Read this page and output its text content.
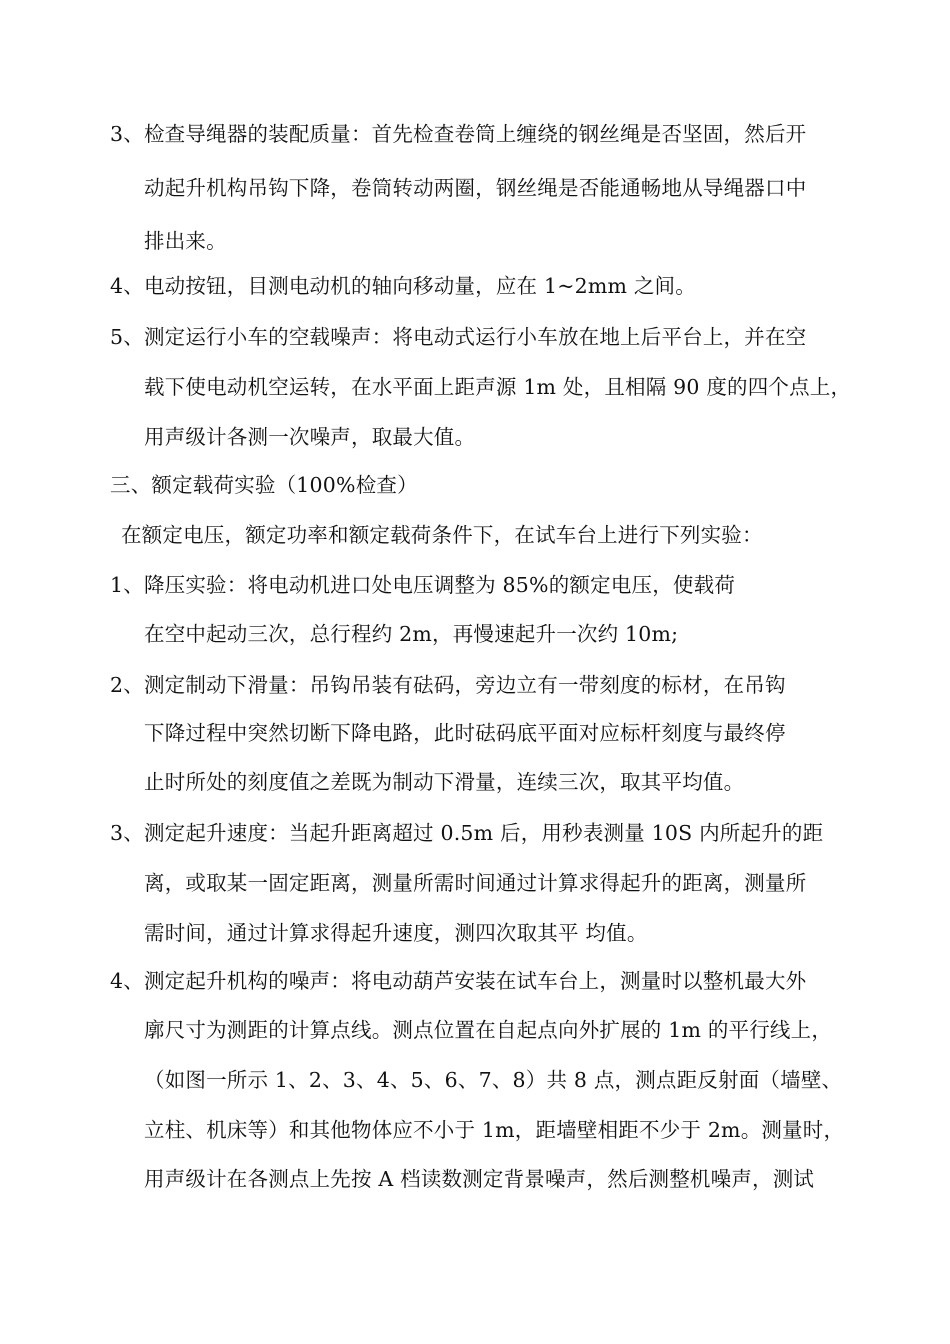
3、检查导绳器的装配质量：首先检查卷筒上缠绕的钢丝绳是否坚固，然后开
动起升机构吊钩下降，卷筒转动两圈，钢丝绳是否能通畅地从导绳器口中
排出来。
4、电动按钮，目测电动机的轴向移动量，应在 1~2mm 之间。
5、测定运行小车的空载噪声：将电动式运行小车放在地上后平台上，并在空
载下使电动机空运转，在水平面上距声源 1m 处，且相隔 90 度的四个点上，
用声级计各测一次噪声，取最大值。
三、额定载荷实验（100%检查）
在额定电压，额定功率和额定载荷条件下，在试车台上进行下列实验：
1、降压实验：将电动机进口处电压调整为 85%的额定电压，使载荷
在空中起动三次，总行程约 2m，再慢速起升一次约 10m;
2、测定制动下滑量：吊钩吊装有砝码，旁边立有一带刻度的标材，在吊钩
下降过程中突然切断下降电路，此时砝码底平面对应标杆刻度与最终停
止时所处的刻度值之差既为制动下滑量，连续三次，取其平均值。
3、测定起升速度：当起升距离超过 0.5m 后，用秒表测量 10S 内所起升的距
离，或取某一固定距离，测量所需时间通过计算求得起升的距离，测量所
需时间，通过计算求得起升速度，测四次取其平 均值。
4、测定起升机构的噪声：将电动葫芦安装在试车台上，测量时以整机最大外
廓尺寸为测距的计算点线。测点位置在自起点向外扩展的 1m 的平行线上，
（如图一所示 1、2、3、4、5、6、7、8）共 8 点，测点距反射面（墙壁、
立柱、机床等）和其他物体应不小于 1m，距墙壁相距不少于 2m。测量时，
用声级计在各测点上先按 A 档读数测定背景噪声，然后测整机噪声，测试
